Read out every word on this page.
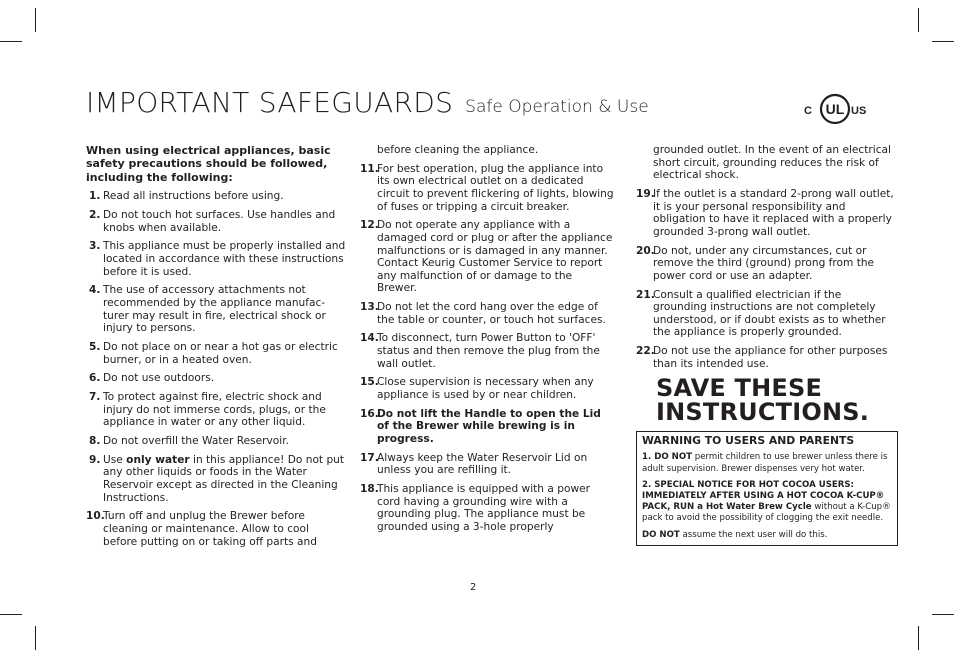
IMPORTANT SAFEGUARDS Safe Operation & Use	C UL US
When using electrical appliances, basic safety precautions should be followed, including the following:
1. Read all instructions before using.
2. Do not touch hot surfaces. Use handles and knobs when available.
3. This appliance must be properly installed and located in accordance with these instructions before it is used.
4. The use of accessory attachments not recommended by the appliance manufacturer may result in fire, electrical shock or injury to persons.
5. Do not place on or near a hot gas or electric burner, or in a heated oven.
6. Do not use outdoors.
7. To protect against fire, electric shock and injury do not immerse cords, plugs, or the appliance in water or any other liquid.
8. Do not overfill the Water Reservoir.
9. Use only water in this appliance! Do not put any other liquids or foods in the Water Reservoir except as directed in the Cleaning Instructions.
10.
Turn off and unplug the Brewer before cleaning or maintenance. Allow to cool before putting on or taking off parts and
before cleaning the appliance.
11.
For best operation, plug the appliance into its own electrical outlet on a dedicated circuit to prevent flickering of lights, blowing of fuses or tripping a circuit breaker.
12.
Do not operate any appliance with a damaged cord or plug or after the appliance malfunctions or is damaged in any manner. Contact Keurig Customer Service to report any malfunction of or damage to the Brewer.
13.
Do not let the cord hang over the edge of the table or counter, or touch hot surfaces.
14.
To disconnect, turn Power Button to 'OFF' status and then remove the plug from the wall outlet.
15.
Close supervision is necessary when any appliance is used by or near children.
16.
Do not lift the Handle to open the Lid of the Brewer while brewing is in progress.
17.
Always keep the Water Reservoir Lid on unless you are refilling it.
18.
This appliance is equipped with a power cord having a grounding wire with a grounding plug. The appliance must be grounded using a 3-hole properly
grounded outlet. In the event of an electrical short circuit, grounding reduces the risk of electrical shock.
19.
If the outlet is a standard 2-prong wall outlet, it is your personal responsibility and obligation to have it replaced with a properly grounded 3-prong wall outlet.
20.
Do not, under any circumstances, cut or remove the third (ground) prong from the power cord or use an adapter.
21.
Consult a qualified electrician if the grounding instructions are not completely understood, or if doubt exists as to whether the appliance is properly grounded.
22.
Do not use the appliance for other purposes than its intended use.
SAVE THESE
INSTRUCTIONS.
WARNING TO USERS AND PARENTS

1. DO NOT permit children to use brewer unless there is adult supervision. Brewer dispenses very hot water.

2. SPECIAL NOTICE FOR HOT COCOA USERS: IMMEDIATELY AFTER USING A HOT COCOA K-CUP® PACK, RUN a Hot Water Brew Cycle without a K-Cup® pack to avoid the possibility of clogging the exit needle.

DO NOT assume the next user will do this.

2
